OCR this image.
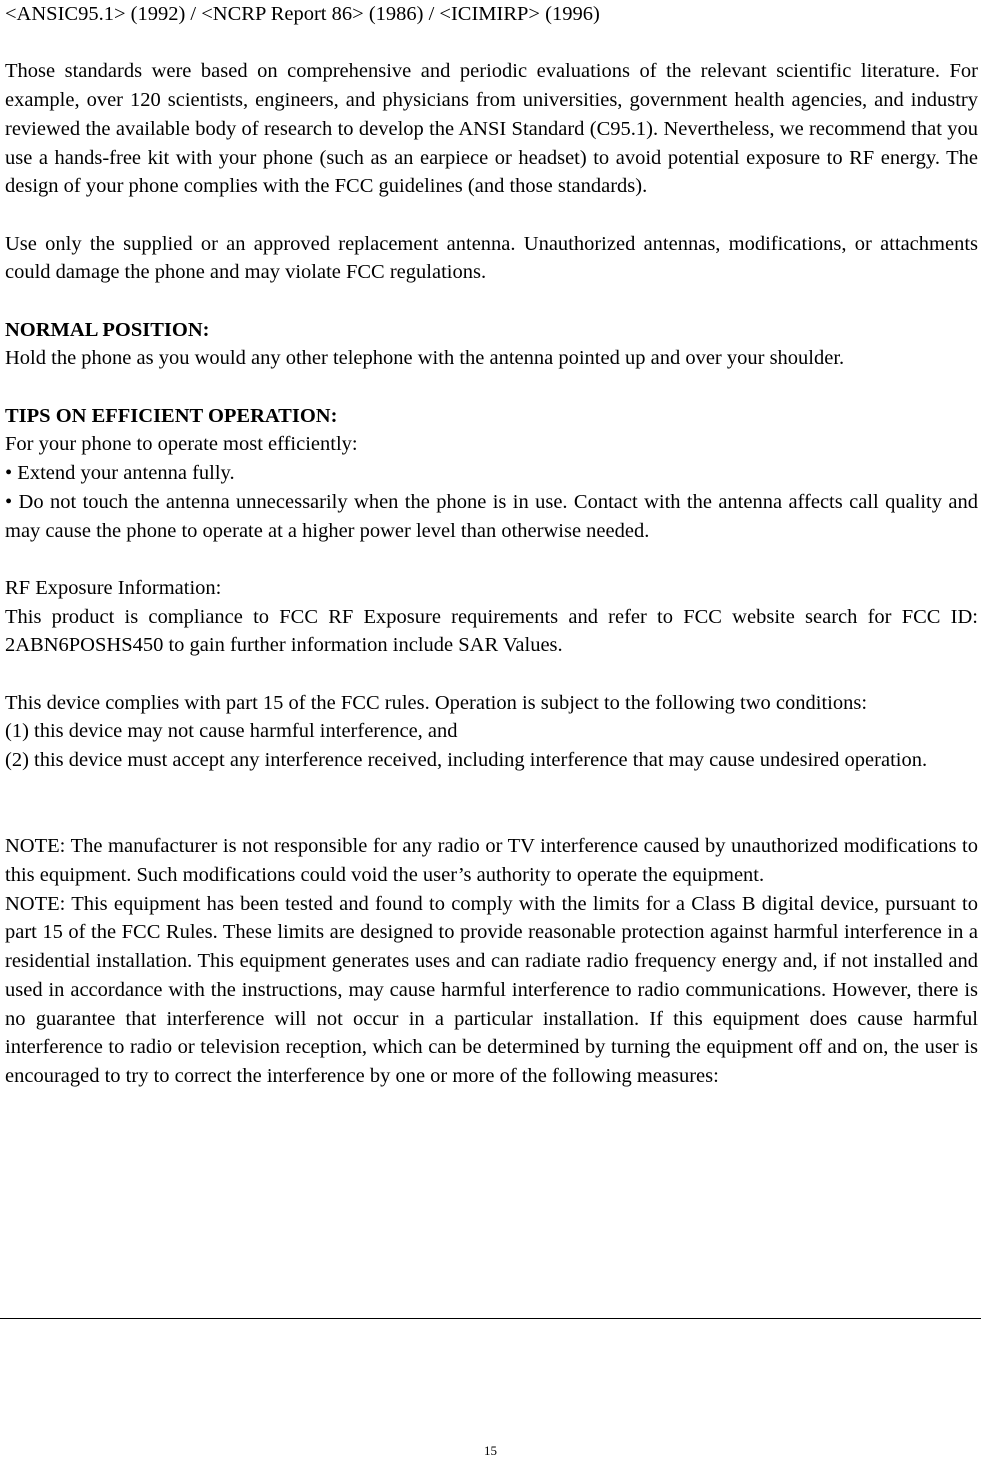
<ANSIC95.1> (1992) / <NCRP Report 86> (1986) / <ICIMIRP> (1996)

Those standards were based on comprehensive and periodic evaluations of the relevant scientific literature. For example, over 120 scientists, engineers, and physicians from universities, government health agencies, and industry reviewed the available body of research to develop the ANSI Standard (C95.1). Nevertheless, we recommend that you use a hands-free kit with your phone (such as an earpiece or headset) to avoid potential exposure to RF energy. The design of your phone complies with the FCC guidelines (and those standards).

Use only the supplied or an approved replacement antenna. Unauthorized antennas, modifications, or attachments could damage the phone and may violate FCC regulations.

NORMAL POSITION:

Hold the phone as you would any other telephone with the antenna pointed up and over your shoulder.

TIPS ON EFFICIENT OPERATION:

For your phone to operate most efficiently:

• Extend your antenna fully.

• Do not touch the antenna unnecessarily when the phone is in use. Contact with the antenna affects call quality and may cause the phone to operate at a higher power level than otherwise needed.

RF Exposure Information:

This product is compliance to FCC RF Exposure requirements and refer to FCC website search for FCC ID: 2ABN6POSHS450 to gain further information include SAR Values.

This device complies with part 15 of the FCC rules. Operation is subject to the following two conditions:

(1) this device may not cause harmful interference, and

(2) this device must accept any interference received, including interference that may cause undesired operation.

NOTE: The manufacturer is not responsible for any radio or TV interference caused by unauthorized modifications to this equipment. Such modifications could void the user’s authority to operate the equipment.

NOTE: This equipment has been tested and found to comply with the limits for a Class B digital device, pursuant to part 15 of the FCC Rules. These limits are designed to provide reasonable protection against harmful interference in a residential installation. This equipment generates uses and can radiate radio frequency energy and, if not installed and used in accordance with the instructions, may cause harmful interference to radio communications. However, there is no guarantee that interference will not occur in a particular installation. If this equipment does cause harmful interference to radio or television reception, which can be determined by turning the equipment off and on, the user is encouraged to try to correct the interference by one or more of the following measures:

15
